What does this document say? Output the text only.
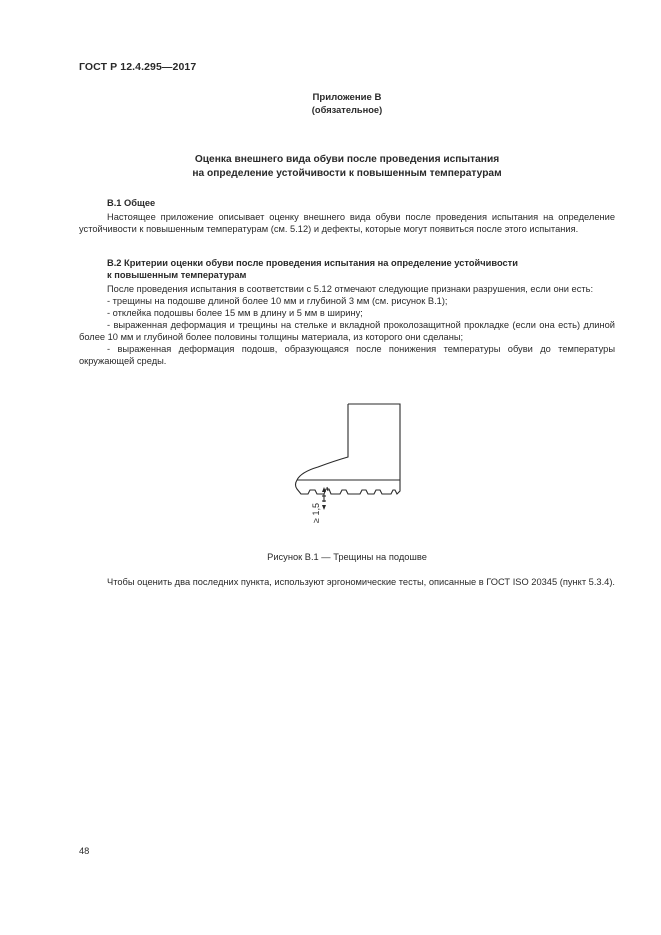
ГОСТ Р 12.4.295—2017
Приложение В
(обязательное)
Оценка внешнего вида обуви после проведения испытания
на определение устойчивости к повышенным температурам
В.1 Общее

Настоящее приложение описывает оценку внешнего вида обуви после проведения испытания на определение устойчивости к повышенным температурам (см. 5.12) и дефекты, которые могут появиться после этого испытания.

В.2 Критерии оценки обуви после проведения испытания на определение устойчивости
к повышенным температурам

После проведения испытания в соответствии с 5.12 отмечают следующие признаки разрушения, если они есть:

- трещины на подошве длиной более 10 мм и глубиной 3 мм (см. рисунок В.1);

- отклейка подошвы более 15 мм в длину и 5 мм в ширину;

- выраженная деформация и трещины на стельке и вкладной проколозащитной прокладке (если она есть) длиной более 10 мм и глубиной более половины толщины материала, из которого они сделаны;

- выраженная деформация подошв, образующаяся после понижения температуры обуви до температуры окружающей среды.

≥ 1,5
Рисунок В.1 — Трещины на подошве

Чтобы оценить два последних пункта, используют эргономические тесты, описанные в ГОСТ ISO 20345 (пункт 5.3.4).

48
